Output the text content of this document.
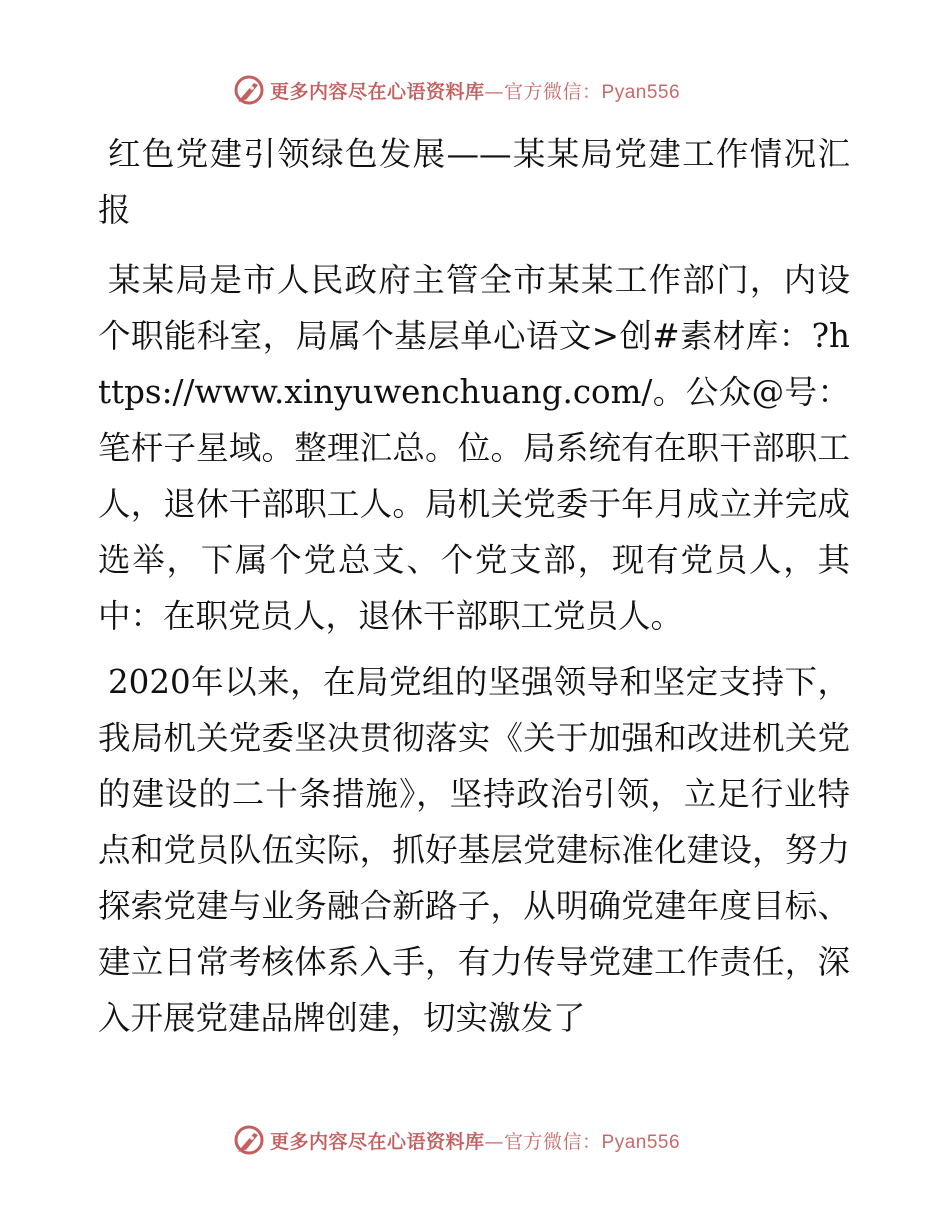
更多内容尽在心语资料库—官方微信：Pyan556

红色党建引领绿色发展——某某局党建工作情况汇报

某某局是市人民政府主管全市某某工作部门，内设个职能科室，局属个基层单心语文>创#素材库：?https://www.xinyuwenchuang.com/。公众@号：笔杆子星域。整理汇总。位。局系统有在职干部职工人，退休干部职工人。局机关党委于年月成立并完成选举，下属个党总支、个党支部，现有党员人，其中：在职党员人，退休干部职工党员人。

2020年以来，在局党组的坚强领导和坚定支持下，我局机关党委坚决贯彻落实《关于加强和改进机关党的建设的二十条措施》，坚持政治引领，立足行业特点和党员队伍实际，抓好基层党建标准化建设，努力探索党建与业务融合新路子，从明确党建年度目标、建立日常考核体系入手，有力传导党建工作责任，深入开展党建品牌创建，切实激发了

更多内容尽在心语资料库—官方微信：Pyan556
